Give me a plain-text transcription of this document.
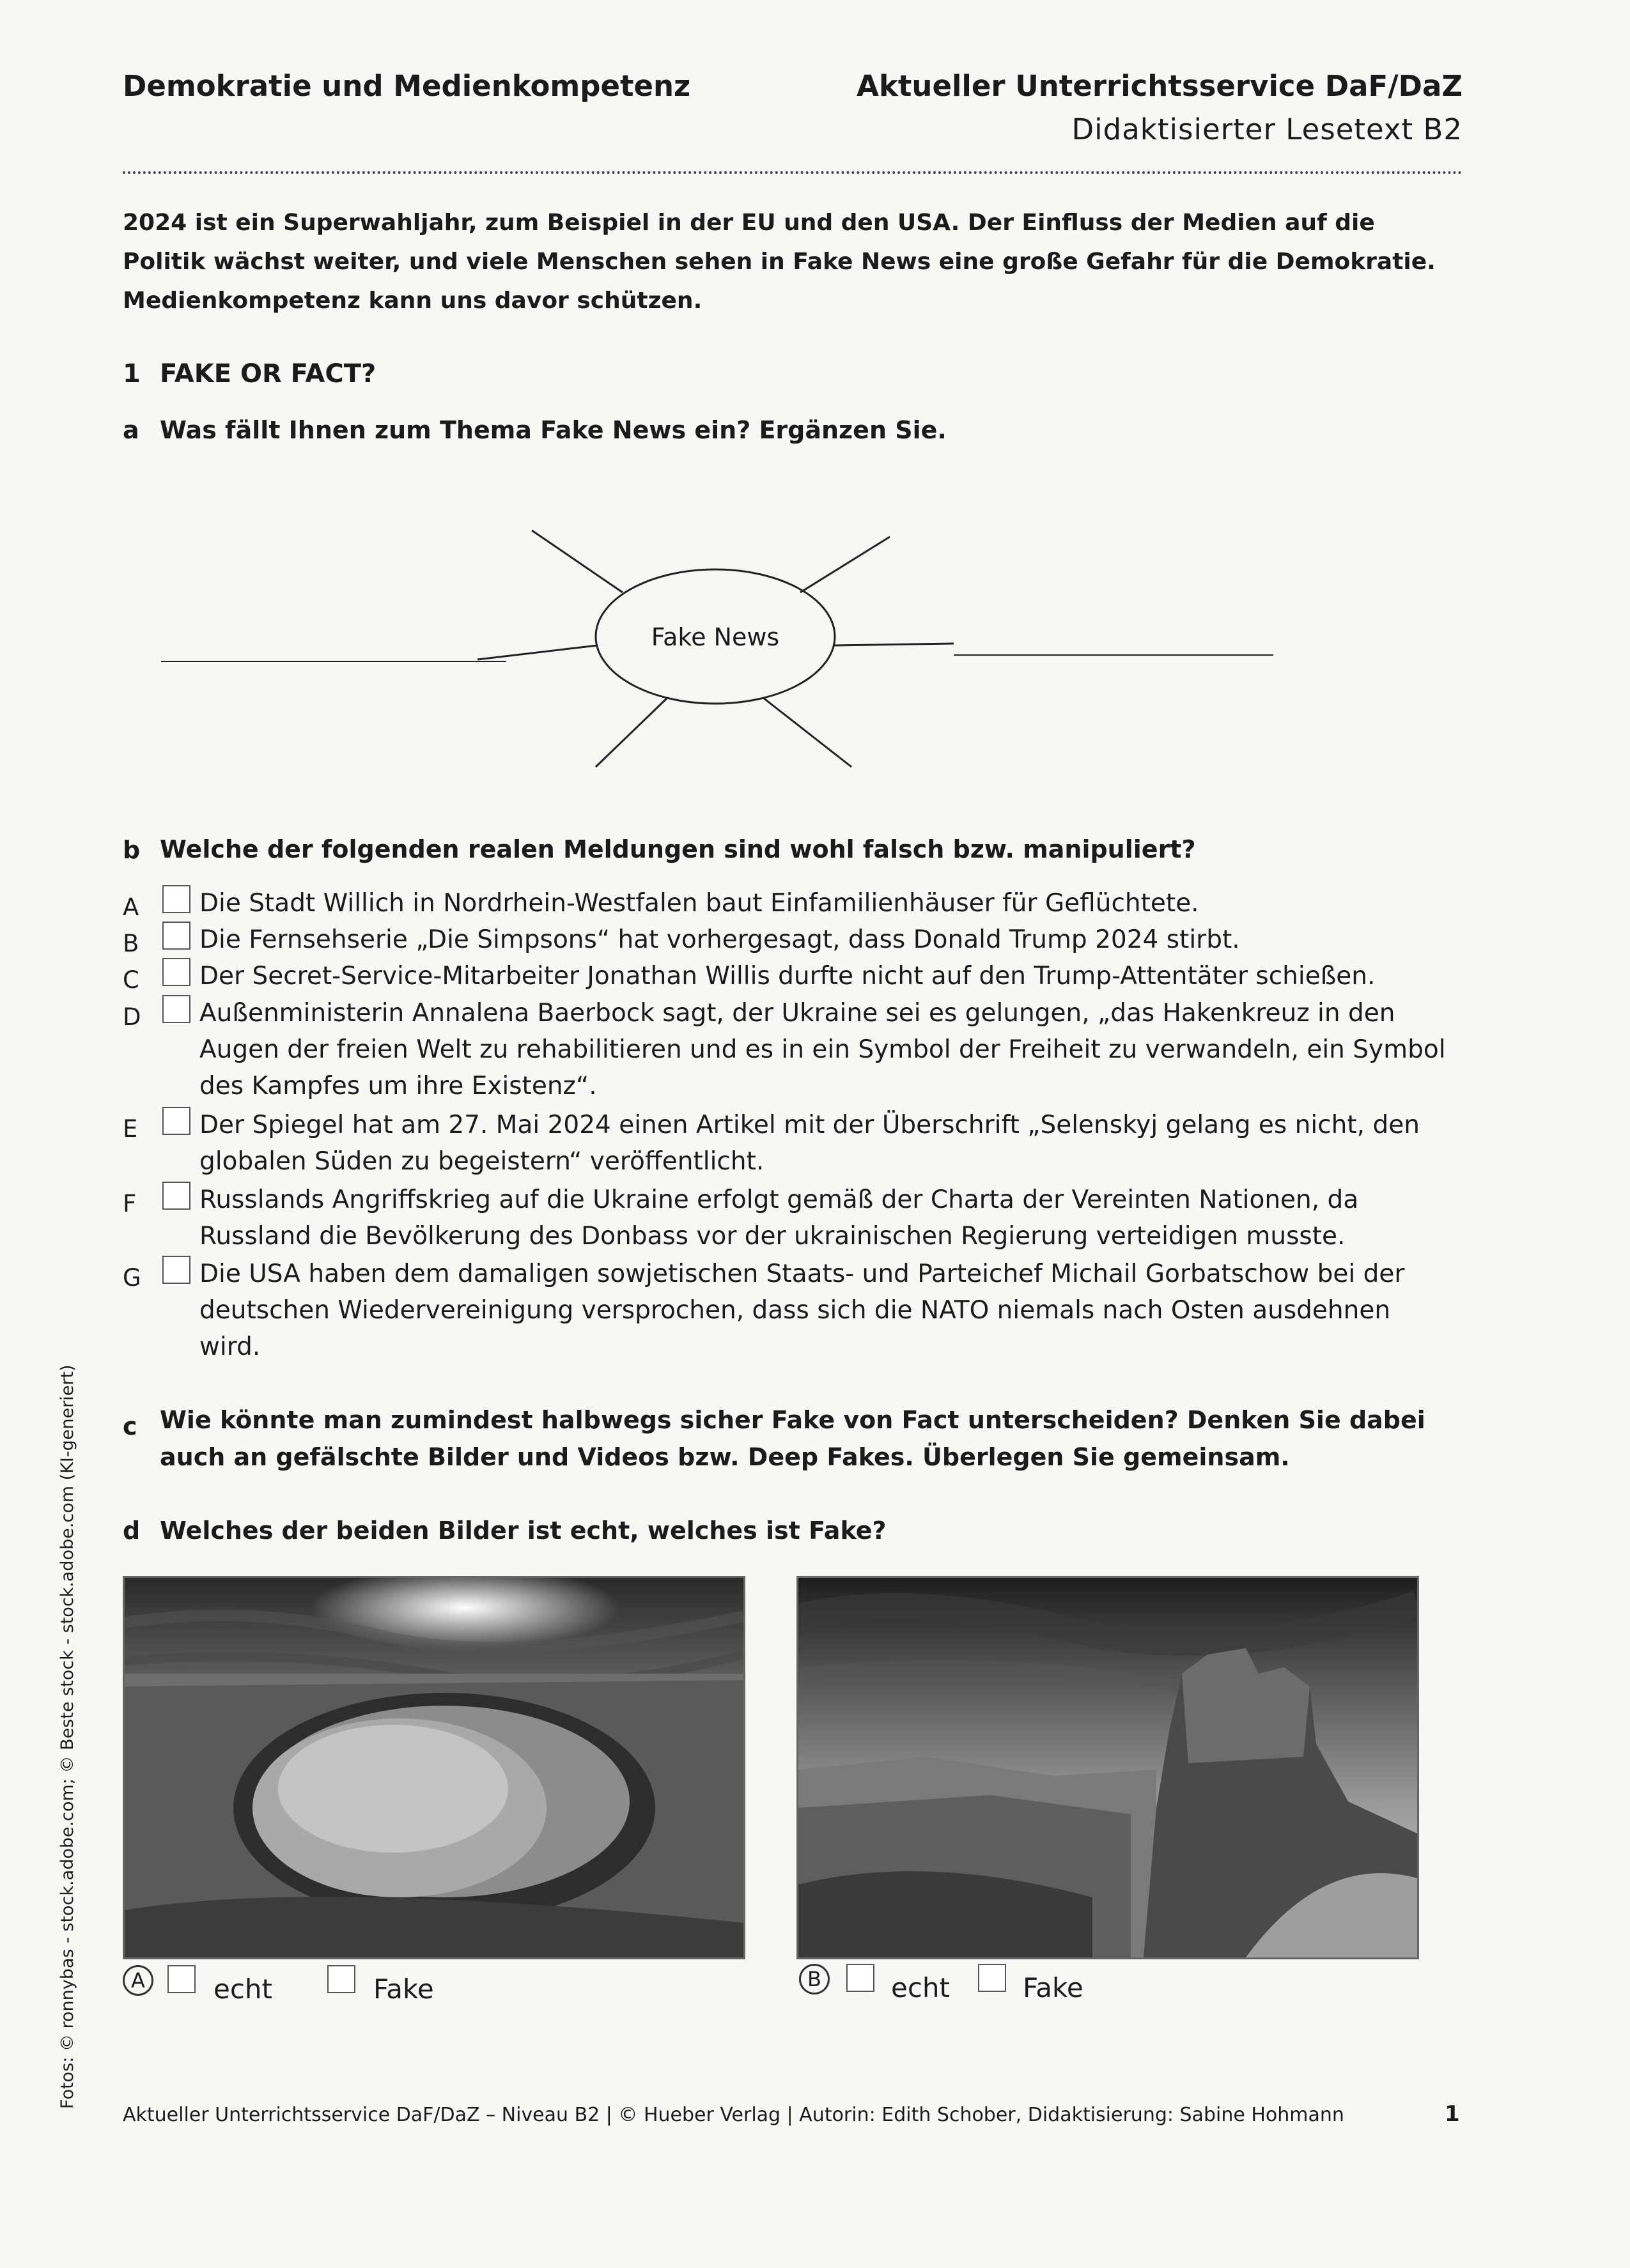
Demokratie und Medienkompetenz	Aktueller Unterrichtsservice DaF/DaZ
Didaktisierter Lesetext B2
2024 ist ein Superwahljahr, zum Beispiel in der EU und den USA. Der Einfluss der Medien auf die Politik wächst weiter, und viele Menschen sehen in Fake News eine große Gefahr für die Demokratie. Medienkompetenz kann uns davor schützen.
1 FAKE OR FACT?
a Was fällt Ihnen zum Thema Fake News ein? Ergänzen Sie.
Fake News
b Welche der folgenden realen Meldungen sind wohl falsch bzw. manipuliert?
A	Die Stadt Willich in Nordrhein-Westfalen baut Einfamilienhäuser für Geflüchtete.
B	Die Fernsehserie „Die Simpsons“ hat vorhergesagt, dass Donald Trump 2024 stirbt.
C	Der Secret-Service-Mitarbeiter Jonathan Willis durfte nicht auf den Trump-Attentäter schießen.
D Außenministerin Annalena Baerbock sagt, der Ukraine sei es gelungen, „das Hakenkreuz in den Augen der freien Welt zu rehabilitieren und es in ein Symbol der Freiheit zu verwandeln, ein Symbol des Kampfes um ihre Existenz“.
E	Der Spiegel hat am 27. Mai 2024 einen Artikel mit der Überschrift „Selenskyj gelang es nicht, den globalen Süden zu begeistern“ veröffentlicht.
F	Russlands Angriffskrieg auf die Ukraine erfolgt gemäß der Charta der Vereinten Nationen, da Russland die Bevölkerung des Donbass vor der ukrainischen Regierung verteidigen musste.
G Die USA haben dem damaligen sowjetischen Staats- und Parteichef Michail Gorbatschow bei der deutschen Wiedervereinigung versprochen, dass sich die NATO niemals nach Osten ausdehnen wird.
c Wie könnte man zumindest halbwegs sicher Fake von Fact unterscheiden? Denken Sie dabei auch an gefälschte Bilder und Videos bzw. Deep Fakes. Überlegen Sie gemeinsam.
d Welches der beiden Bilder ist echt, welches ist Fake?
A	echt	Fake	B	echt	Fake
Fotos: © ronnybas - stock.adobe.com; © Beste stock - stock.adobe.com (KI-generiert)
Aktueller Unterrichtsservice DaF/DaZ – Niveau B2 | © Hueber Verlag | Autorin: Edith Schober, Didaktisierung: Sabine Hohmann	1
